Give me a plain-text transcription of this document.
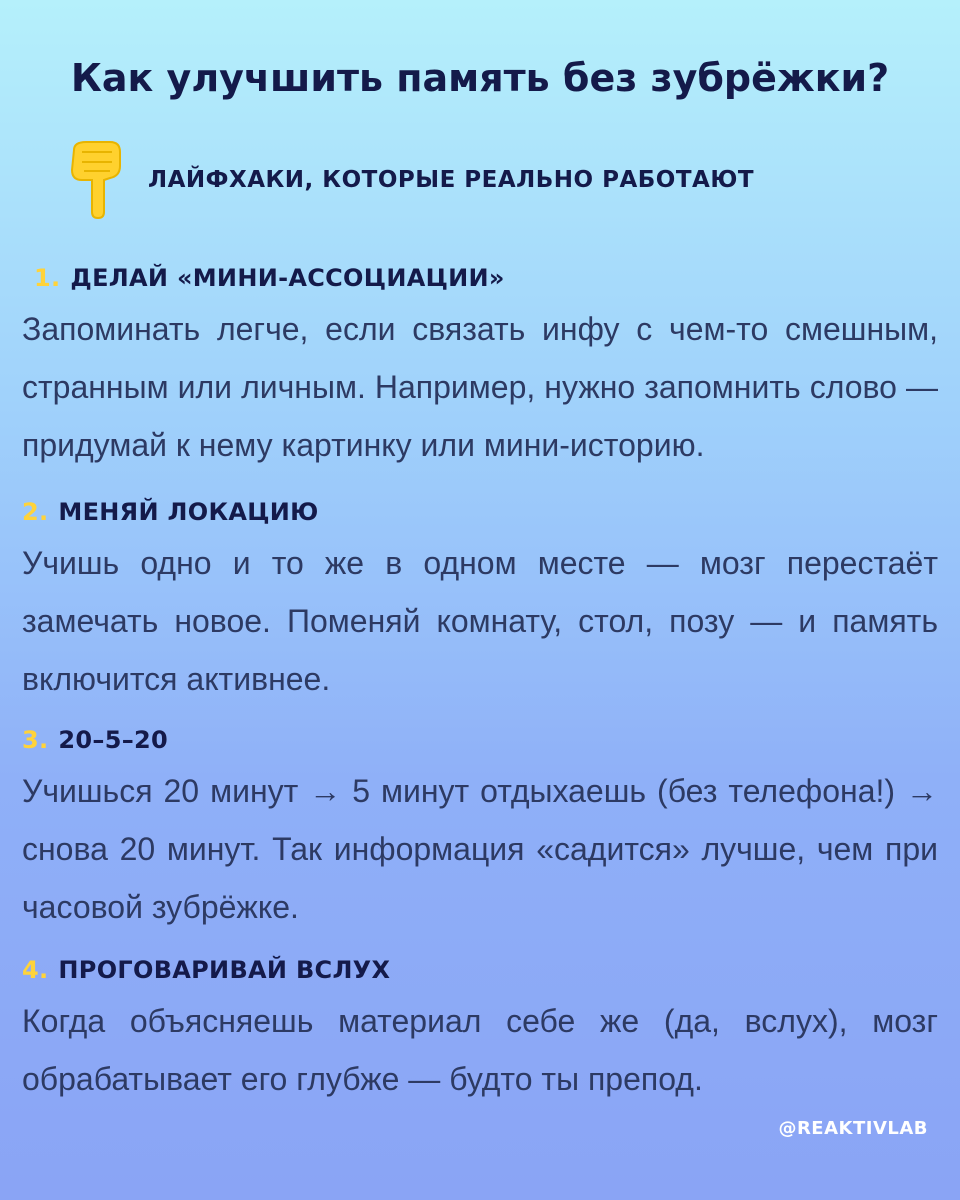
Как улучшить память без зубрёжки?
ЛАЙФХАКИ, КОТОРЫЕ РЕАЛЬНО РАБОТАЮТ
1. ДЕЛАЙ «МИНИ-АССОЦИАЦИИ»
Запоминать легче, если связать инфу с чем-то смешным, странным или личным. Например, нужно запомнить слово — придумай к нему картинку или мини-историю.
2. МЕНЯЙ ЛОКАЦИЮ
Учишь одно и то же в одном месте — мозг перестаёт замечать новое. Поменяй комнату, стол, позу — и память включится активнее.
3. 20–5–20
Учишься 20 минут → 5 минут отдыхаешь (без телефона!) → снова 20 минут. Так информация «садится» лучше, чем при часовой зубрёжке.
4. ПРОГОВАРИВАЙ ВСЛУХ
Когда объясняешь материал себе же (да, вслух), мозг обрабатывает его глубже — будто ты препод.
@REAKTIVLAB
